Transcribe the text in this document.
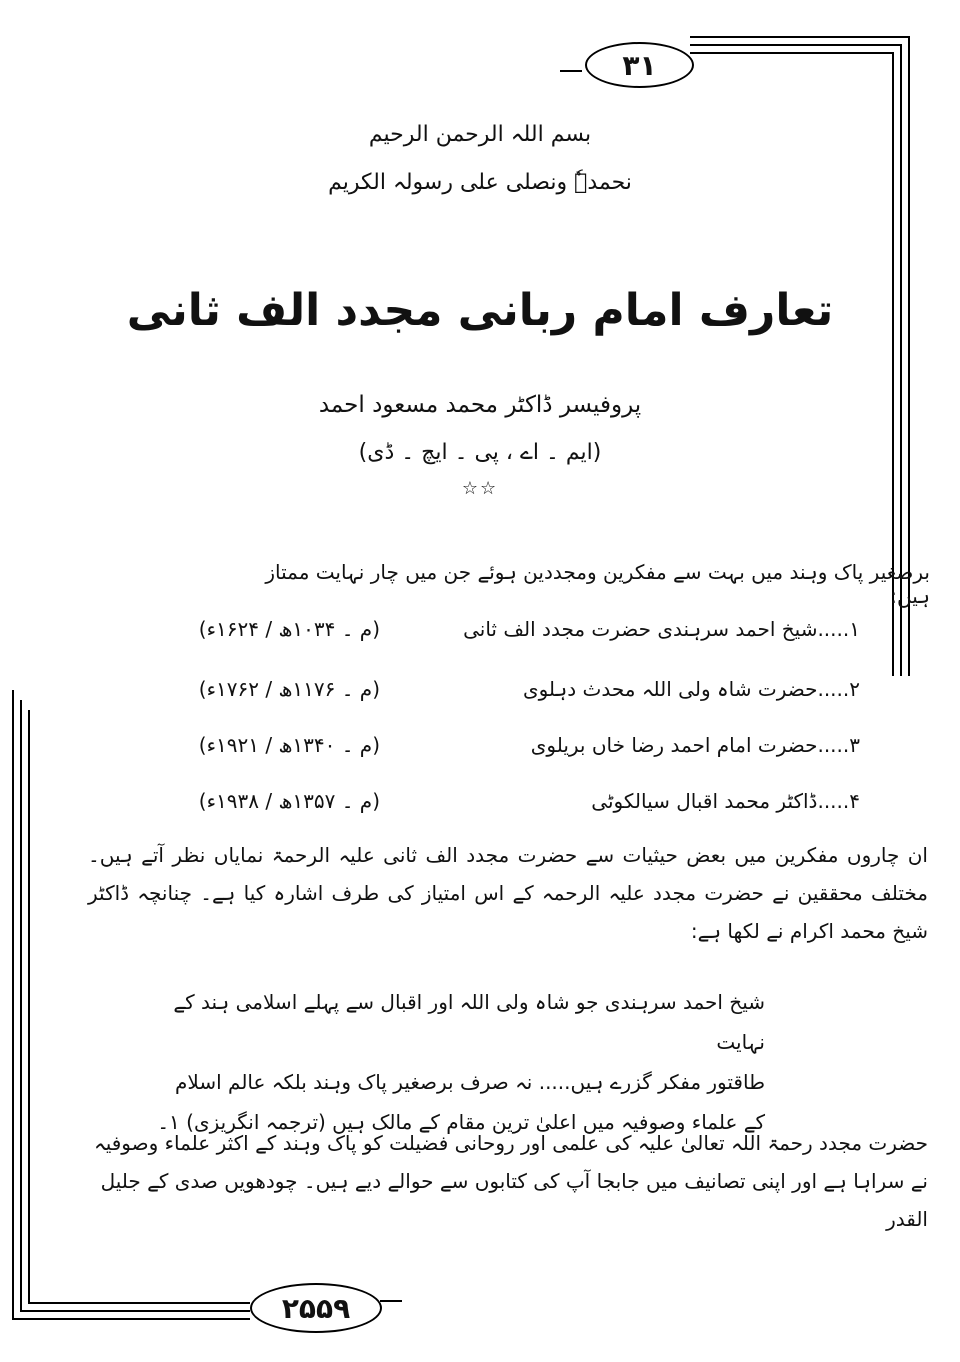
۳۱
۲۵۵۹
بسم اللہ الرحمن الرحیم
نحمدہٗ ونصلی علی رسولہ الکریم
تعارف امام ربانی مجدد الف ثانی
پروفیسر ڈاکٹر محمد مسعود احمد
(ایم ۔ اے ، پی ۔ ایچ ۔ ڈی)
☆☆
برصغیر پاک وہند میں بہت سے مفکرین ومجددین ہوئے جن میں چار نہایت ممتاز ہیں:
۱.....شیخ احمد سرہندی حضرت مجدد الف ثانی
(م ۔ ۱۰۳۴ھ / ۱۶۲۴ء)
۲.....حضرت شاہ ولی اللہ محدث دہلوی
(م ۔ ۱۱۷۶ھ / ۱۷۶۲ء)
۳.....حضرت امام احمد رضا خاں بریلوی
(م ۔ ۱۳۴۰ھ / ۱۹۲۱ء)
۴.....ڈاکٹر محمد اقبال سیالکوٹی
(م ۔ ۱۳۵۷ھ / ۱۹۳۸ء)
ان چاروں مفکرین میں بعض حیثیات سے حضرت مجدد الف ثانی علیہ الرحمۃ نمایاں نظر آتے ہیں۔ مختلف محققین نے حضرت مجدد علیہ الرحمہ کے اس امتیاز کی طرف اشارہ کیا ہے۔ چنانچہ ڈاکٹر شیخ محمد اکرام نے لکھا ہے:
شیخ احمد سرہندی جو شاہ ولی اللہ اور اقبال سے پہلے اسلامی ہند کے نہایت
طاقتور مفکر گزرے ہیں..... نہ صرف برصغیر پاک وہند بلکہ عالم اسلام
کے علماء وصوفیہ میں اعلیٰ ترین مقام کے مالک ہیں (ترجمہ انگریزی) ۱۔
حضرت مجدد رحمۃ اللہ تعالیٰ علیہ کی علمی اور روحانی فضیلت کو پاک وہند کے اکثر علماء وصوفیہ نے سراہا ہے اور اپنی تصانیف میں جابجا آپ کی کتابوں سے حوالے دیے ہیں۔ چودھویں صدی کے جلیل القدر
